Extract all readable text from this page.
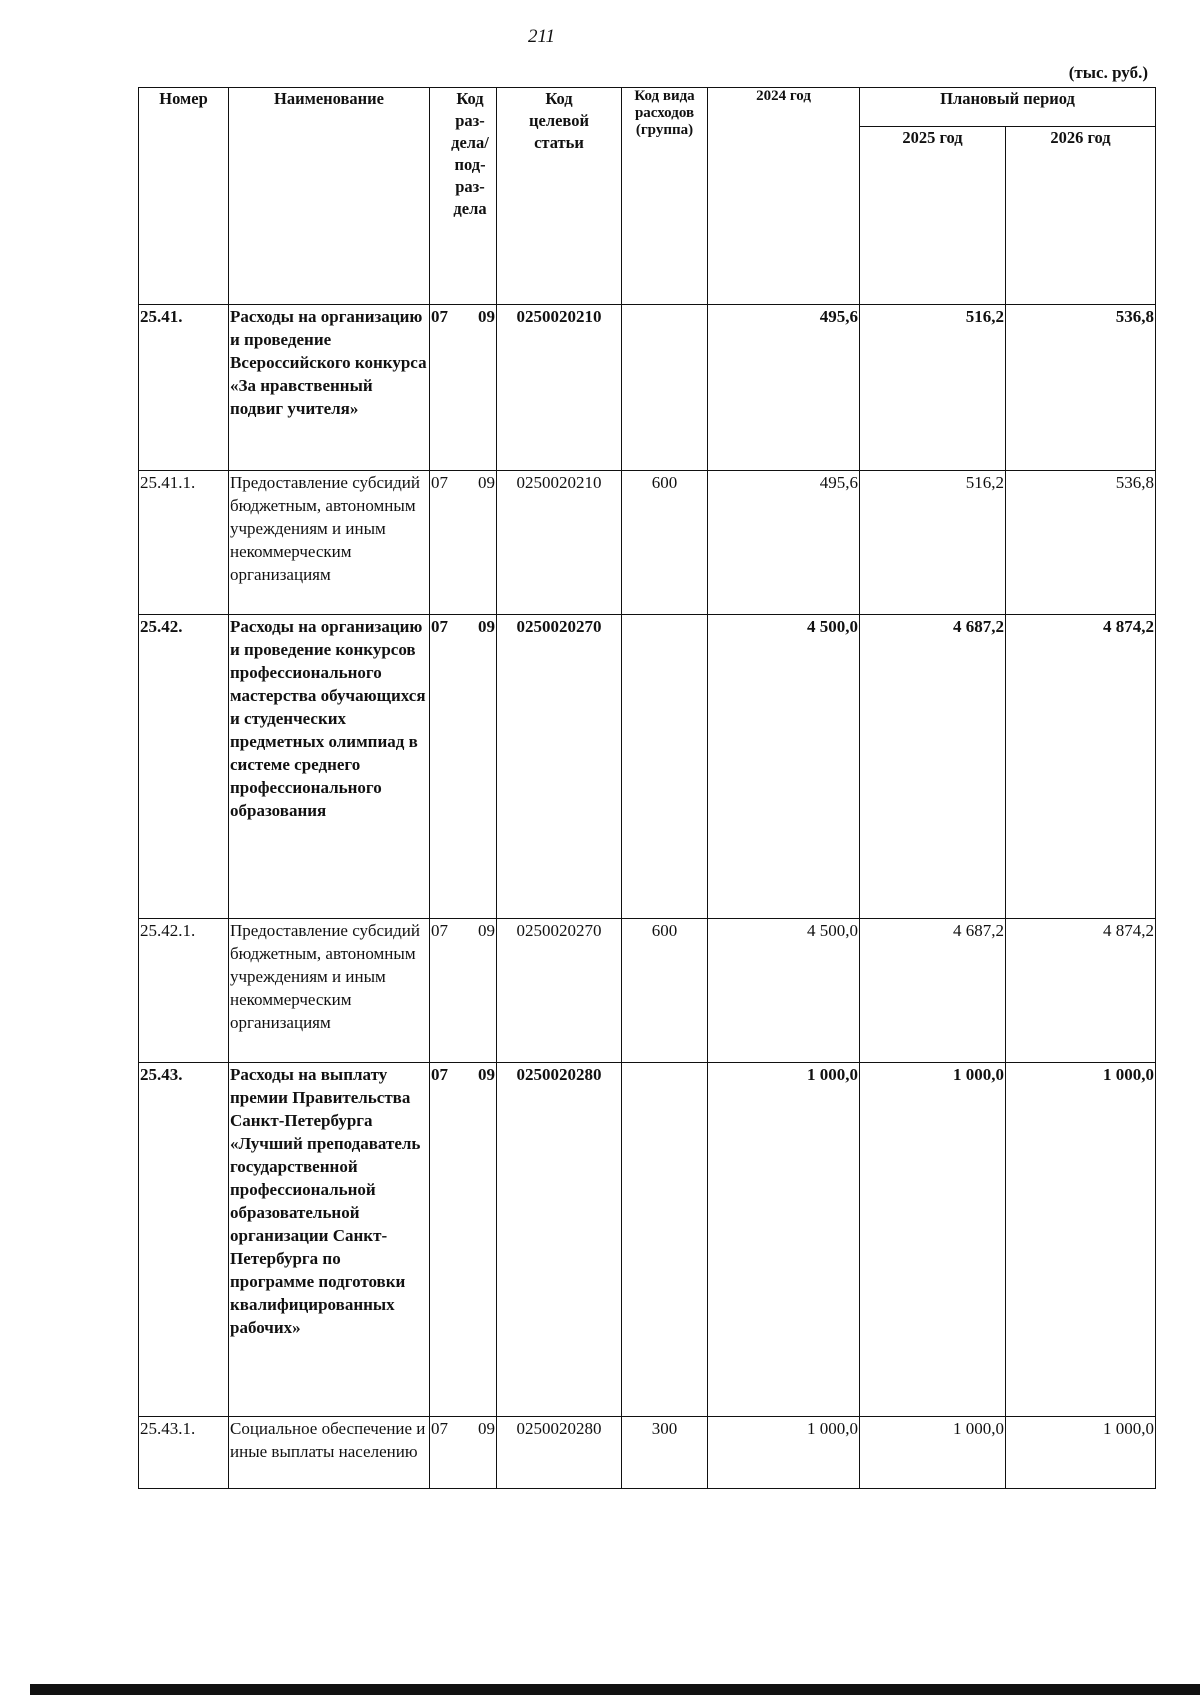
211
(тыс. руб.)
Номер	Наименование	Код раз-дела/ под-раз-дела	Код целевой статьи	Код вида расходов (группа)	2024 год	Плановый период	
						2025 год	2026 год
25.41.	Расходы на организацию и проведение Всероссийского конкурса «За нравственный подвиг учителя»	07 09	0250020210		495,6	516,2	536,8
25.41.1.	Предоставление субсидий бюджетным, автономным учреждениям и иным некоммерческим организациям	07 09	0250020210	600	495,6	516,2	536,8
25.42.	Расходы на организацию и проведение конкурсов профессионального мастерства обучающихся и студенческих предметных олимпиад в системе среднего профессионального образования	07 09	0250020270		4 500,0	4 687,2	4 874,2
25.42.1.	Предоставление субсидий бюджетным, автономным учреждениям и иным некоммерческим организациям	07 09	0250020270	600	4 500,0	4 687,2	4 874,2
25.43.	Расходы на выплату премии Правительства Санкт-Петербурга «Лучший преподаватель государственной профессиональной образовательной организации Санкт-Петербурга по программе подготовки квалифицированных рабочих»	07 09	0250020280		1 000,0	1 000,0	1 000,0
25.43.1.	Социальное обеспечение и иные выплаты населению	07 09	0250020280	300	1 000,0	1 000,0	1 000,0
